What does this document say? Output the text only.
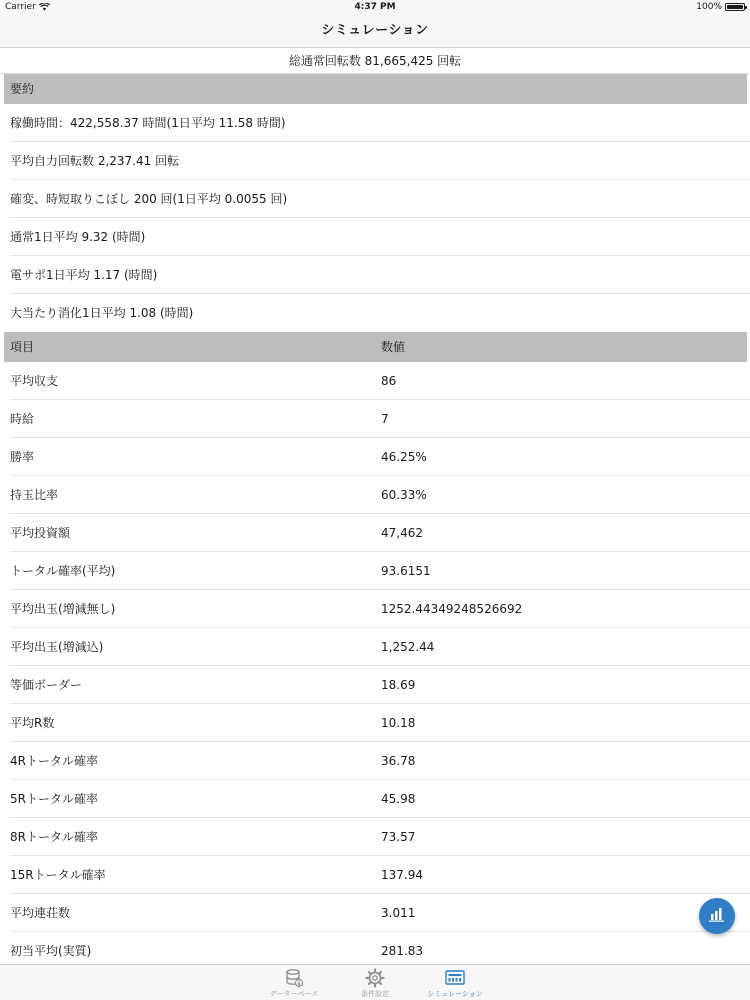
Carrier	4:37 PM	100%
シミュレーション
総通常回転数 81,665,425 回転
要約
稼働時間：422,558.37 時間(1日平均 11.58 時間)
平均自力回転数 2,237.41 回転
確変、時短取りこぼし 200 回(1日平均 0.0055 回)
通常1日平均 9.32 (時間)
電サポ1日平均 1.17 (時間)
大当たり消化1日平均 1.08 (時間)
項目	数値
平均収支	86
時給	7
勝率	46.25%
持玉比率	60.33%
平均投資額	47,462
トータル確率(平均)	93.6151
平均出玉(増減無し)	1252.44349248526692
平均出玉(増減込)	1,252.44
等価ボーダー	18.69
平均R数	10.18
4Rトータル確率	36.78
5Rトータル確率	45.98
8Rトータル確率	73.57
15Rトータル確率	137.94
平均連荘数	3.011
初当平均(実質)	281.83
データーベース	条件設定	シミュレーション
